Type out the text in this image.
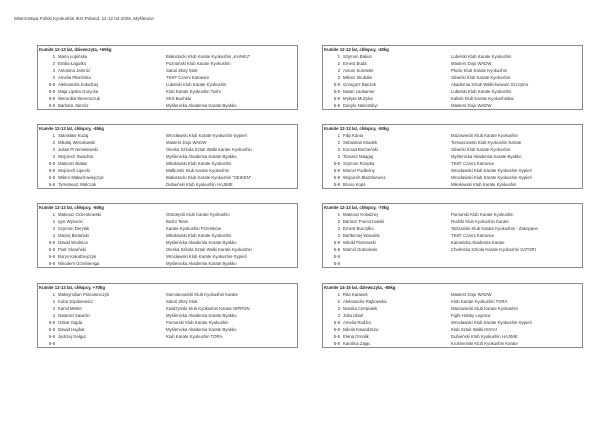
Mistrzostwa Polski Kyokushin IKO Poland, 11-12.04.2026, Myślenice
Kumite 12-13 lat, dziewczyta, +60kg
1 Maria Łupińska	Białostocki Klub Karate Kyokushin „KANKU”
2 Emilia Łagutko	Poznański Klub Karate Kyokushin
3 Antonina Jamróz	Satori Złoty Stok
3 Amelia Płazińska	TKKF Czarni Katowice
5-8 Aleksandra Kołodziej	Lubelski Klub Karate Kyokushin
5-8 Maja Lipska Gorycka	Klub Karate Kyokushin Toshi
5-8 Weronika Weremczuk	SKS Bushido
5-8 Barbara Jamróz	Myślenicka Akademia Karate Byakko
Kumite 12-13 lat, chłopcy, -40kg
1 Szymon Bakun	Lubelski Klub Karate Kyokushin
2 Ernest Buda	Masters Dojo WADW
3 Antoni Sulewski	Płocki Klub Karate Kyokushin
3 Miłosz Skubała	Gliwicki Klub Karate Kyokushin
5-8 Grzegorz Bączek	Akademia Sztuk Walki-Nowum Szczytno
5-8 Natan Lankamer	Lubelski Klub Karate Kyokushin
5-8 Mykyta Muzyka	Kaliski Klub Karate Kyokushinkai
5-8 Danylo Navrotskyi	Masters Dojo WADW
Kumite 12-13 lat, chłopcy, -45kg
1 Stanisław Kuzaj	Wrocławski Klub Karate Kyokushin-Sypień
2 Mikołaj Wesołowski	Masters Dojo WADW
3 Julian Przemielewski	Oleska Szkoła Sztuk Walki Karate Kyokushin
3 Wojciech Swachta	Myślenicka Akademia Karate Byakko
5-8 Mateusz Białas	Mikołowski Klub Karate Kyokushin
5-8 Wojciech Łipecki	Malborski Klub Karate Kyokushin
5-8 Wiktor Małachowiejczyk	Białostocki Klub Karate Kyokushin "SEIKEN"
5-8 Tymoteusz Walczak	Dubieński Klub Kyokushin HAJIME
Kumite 12-13 lat, chłopcy, -50kg
1 Filip Kania	Mazowiecki Klub Karate Kyokushin
2 Sebastian Miodek	Tomaszowski Klub Kyokushin Karate
3 Konrad Bocheński	Gliwicki Klub Karate Kyokushin
3 Tomasz Maągaj	Myślenicka Akademia Karate Byakko
5-8 Szymon Rzepka	TKKF Czarni Katowice
5-8 Marcel Podleśny	Wrocławski Klub Karate Kyokushin-Sypień
5-8 Wojciech Błaszkiewicz	Wrocławski Klub Karate Kyokushin-Sypień
5-8 Bruno Kopś	Mikołowski Klub Karate Kyokushin
Kumite 12-13 lat, chłopcy, -60kg
1 Mateusz Ochenkowski	Ostrołęcki Klub Karate Kyokushin
2 Igor Wysocki	Bushi Team
3 Szymon Derylak	Karate Kyokushin Przemków
3 Maciej Bielański	Mikołowski Klub Karate Kyokushin
5-8 Dawid Wodnica	Myślenicka Akademia Karate Byakko
5-8 Piotr Słowiński	Oleska Szkoła Sztuk Walki Karate Kyokushin
5-8 Borys Kołodziejczyk	Wrocławski Klub Karate Kyokushin-Sypień
5-8 Nikodem Grzebieniga	Myślenicka Akademia Karate Byakko
Kumite 12-13 lat, chłopcy, -70kg
1 Mateusz Kołodziej	Pomorski Klub Karate Kyokushin
2 Bartosz Pomorzowski	Rudzki Klub Kyokushin Karate
3 Ernest Buczyłko	Tatrzański Klub Karate Kyokushin - Zakopane
3 Bartłomiej Wasolek	TKKF Czarni Katowice
5-8 Witold Piotrowski	Katowicka Akademia Karate
5-8 Marcel Grabowski	Chełmska Szkoła Karate Kyokushin SATORI
5-8
5-8
Kumite 12-13 lat, chłopcy, +70kg
1 Maksymilian Pracowniczyk	Siemianowicki Klub Kyokushin Karate
2 Kuba Szpilarewicz	Satori Złoty Stok
3 Kamil Mettel	Kwidzyński Klub Kyokushin Karate NIPPON
3 Nataniel Sawicki	Myślenicka Akademia Karate Byakko
5-8 Oskar Gajda	Pomorski Klub Karate Kyokushin
5-8 Dawid Hajduk	Myślenicka Akademia Karate Byakko
5-8 Jędrzej Gełgut	Klub Karate Kyokushin TORA
5-8
Kumite 14-15 lat, dziewczyta, -50kg
1 Rita Karasek	Masters Dojo WADW
2 Aleksandra Rajkowska	Klub Karate Kyokushin TORA
3 Monika Cierpiałek	Mazowiecki Klub Karate Kyokushin
3 Julia Ubań	Fight Hobby Legnica
5-8 Amelia Radzio	Wrocławski Klub Karate Kyokushin-Sypień
5-8 Nikola Kwandzkiro	Klub Sztuk Walki IKIGAI
5-8 Elena Ornalik	Dubieński Klub Kyokushin HAJIME
5-8 Karolina Zając	Krośnieński Klub Kyokushin Karate
